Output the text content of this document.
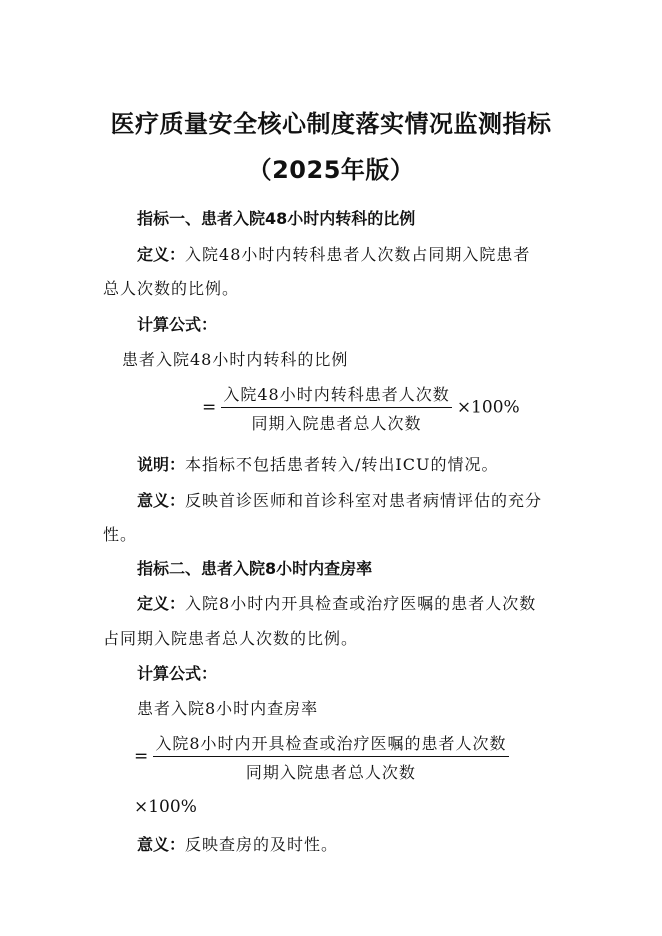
医疗质量安全核心制度落实情况监测指标
（2025年版）
指标一、患者入院48小时内转科的比例
定义：入院48小时内转科患者人次数占同期入院患者
总人次数的比例。
计算公式：
患者入院48小时内转科的比例
= $\frac{\text{入院48小时内转科患者人次数}}{\text{同期入院患者总人次数}} \times 100\%$
说明：本指标不包括患者转入/转出ICU的情况。
意义：反映首诊医师和首诊科室对患者病情评估的充分
性。
指标二、患者入院8小时内查房率
定义：入院8小时内开具检查或治疗医嘱的患者人次数
占同期入院患者总人次数的比例。
计算公式：
患者入院8小时内查房率
= $\frac{\text{入院8小时内开具检查或治疗医嘱的患者人次数}}{\text{同期入院患者总人次数}}$
×100%
意义：反映查房的及时性。
